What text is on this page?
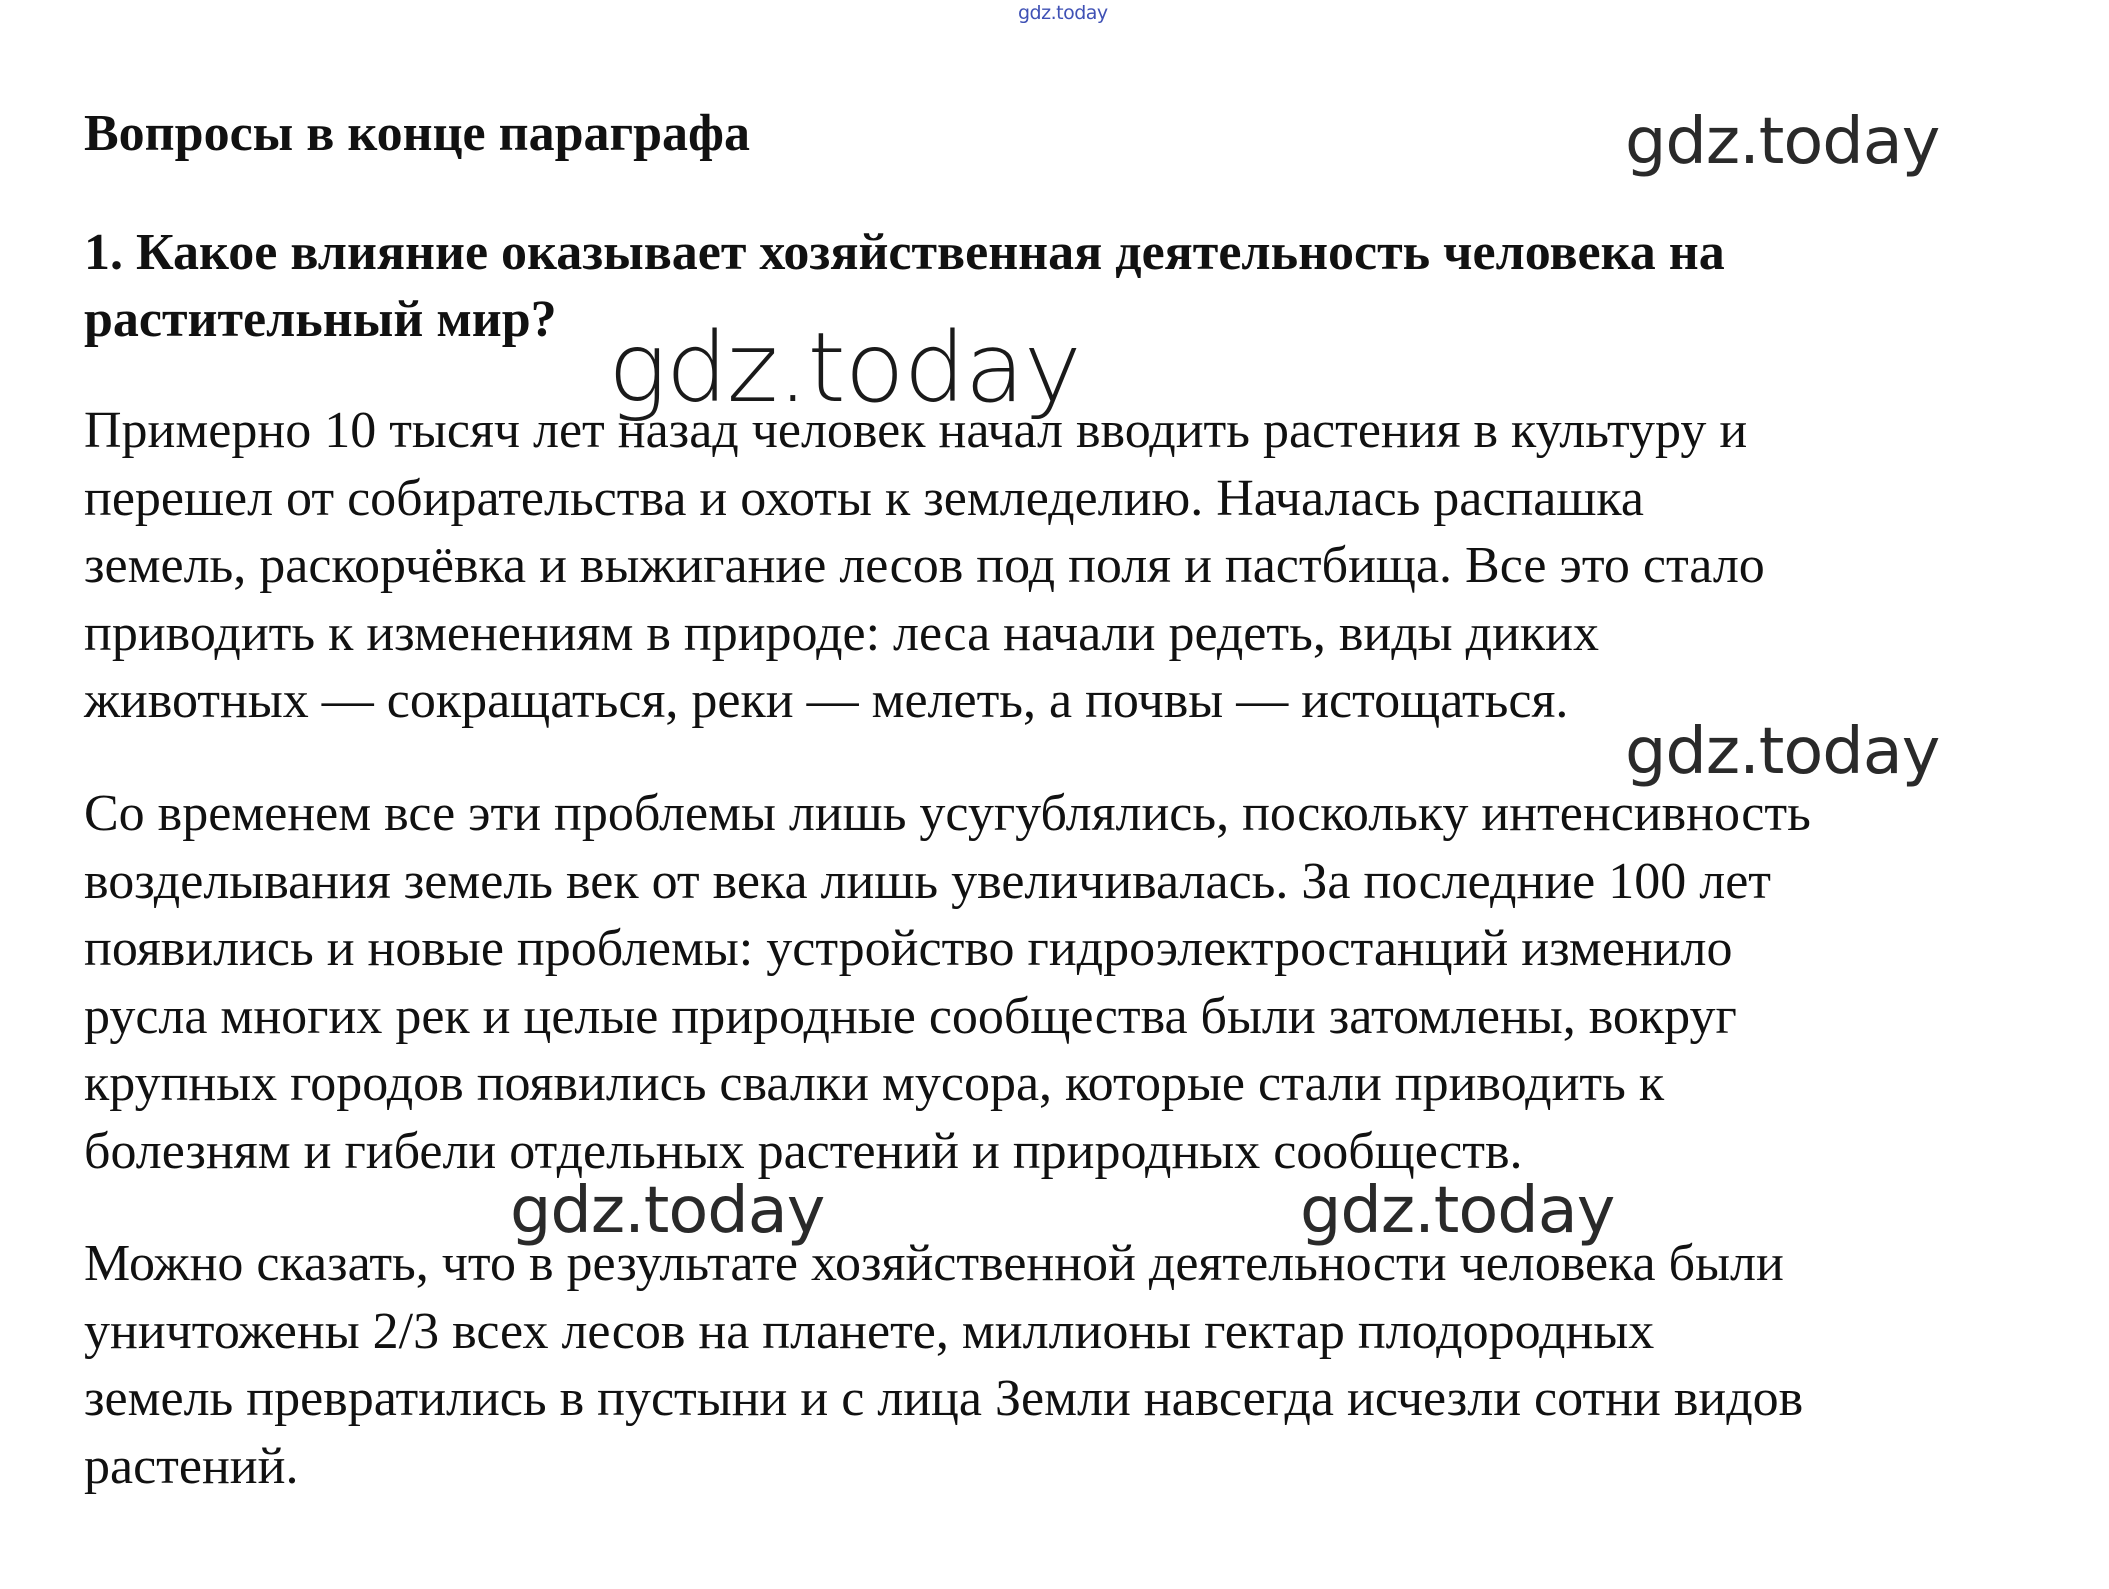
gdz.today
Вопросы в конце параграфа
1. Какое влияние оказывает хозяйственная деятельность человека на
растительный мир?

Примерно 10 тысяч лет назад человек начал вводить растения в культуру и
перешел от собирательства и охоты к земледелию. Началась распашка
земель, раскорчёвка и выжигание лесов под поля и пастбища. Все это стало
приводить к изменениям в природе: леса начали редеть, виды диких
животных — сокращаться, реки — мелеть, а почвы — истощаться.

Со временем все эти проблемы лишь усугублялись, поскольку интенсивность
возделывания земель век от века лишь увеличивалась. За последние 100 лет
появились и новые проблемы: устройство гидроэлектростанций изменило
русла многих рек и целые природные сообщества были затомлены, вокруг
крупных городов появились свалки мусора, которые стали приводить к
болезням и гибели отдельных растений и природных сообществ.

Можно сказать, что в результате хозяйственной деятельности человека были
уничтожены 2/3 всех лесов на планете, миллионы гектар плодородных
земель превратились в пустыни и с лица Земли навсегда исчезли сотни видов
растений.

gdz.today
gdz.today
gdz.today
gdz.today	gdz.today
